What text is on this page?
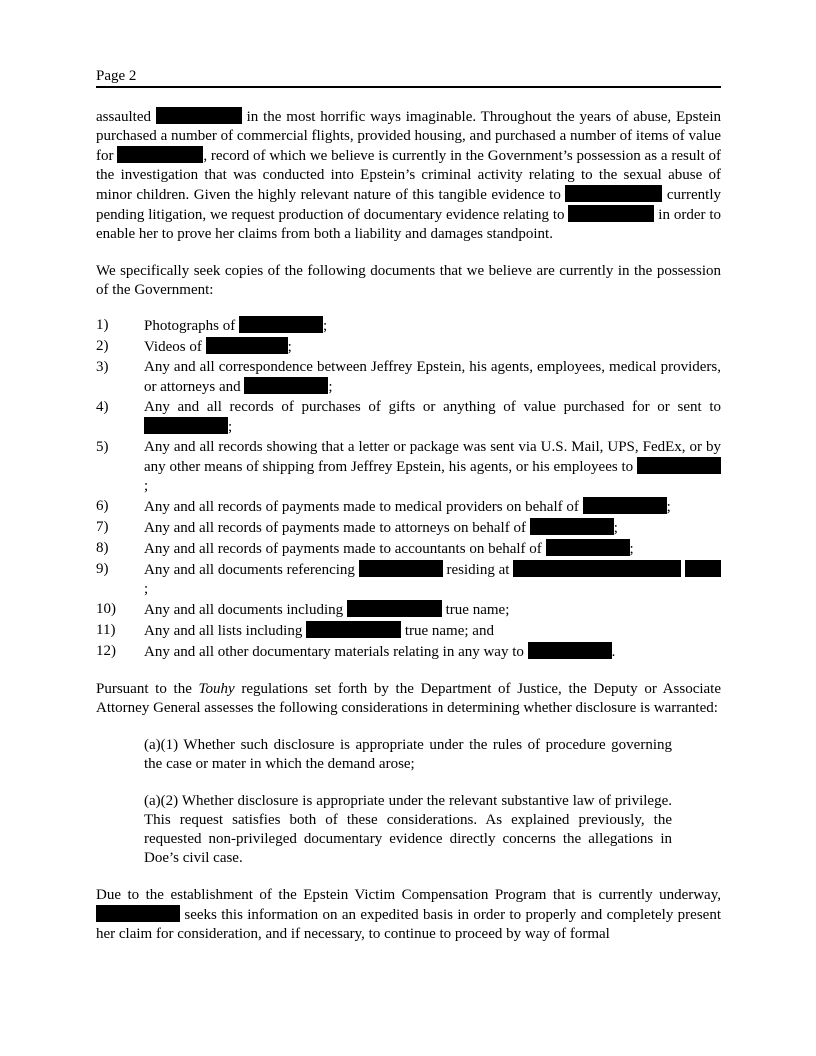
Page 2

assaulted	in the most horrific ways imaginable. Throughout the years of abuse, Epstein purchased a number of commercial flights, provided housing, and purchased a number of items of value for	, record of which we believe is currently in the Government’s possession as a result of the investigation that was conducted into Epstein’s criminal activity relating to the sexual abuse of minor children. Given the highly relevant nature of this tangible evidence to	currently pending litigation, we request production of documentary evidence relating to	in order to enable her to prove her claims from both a liability and damages standpoint.

We specifically seek copies of the following documents that we believe are currently in the possession of the Government:

1)	Photographs of	;
2)	Videos of	;
3)	Any and all correspondence between Jeffrey Epstein, his agents, employees, medical providers, or attorneys and	;
4)	Any and all records of purchases of gifts or anything of value purchased for or sent to ;
5)	Any and all records showing that a letter or package was sent via U.S. Mail, UPS, FedEx, or by any other means of shipping from Jeffrey Epstein, his agents, or his employees to ;
6)	Any and all records of payments made to medical providers on behalf of	;
7)	Any and all records of payments made to attorneys on behalf of	;
8)	Any and all records of payments made to accountants on behalf of	;
9)	Any and all documents referencing	residing at  ;
10)	Any and all documents including	true name;
11)	Any and all lists including	true name; and
12)	Any and all other documentary materials relating in any way to	.

Pursuant to the Touhy regulations set forth by the Department of Justice, the Deputy or Associate Attorney General assesses the following considerations in determining whether disclosure is warranted:

(a)(1) Whether such disclosure is appropriate under the rules of procedure governing the case or mater in which the demand arose;

(a)(2) Whether disclosure is appropriate under the relevant substantive law of privilege. This request satisfies both of these considerations. As explained previously, the requested non-privileged documentary evidence directly concerns the allegations in Doe’s civil case.

Due to the establishment of the Epstein Victim Compensation Program that is currently underway,  seeks this information on an expedited basis in order to properly and completely present her claim for consideration, and if necessary, to continue to proceed by way of formal
